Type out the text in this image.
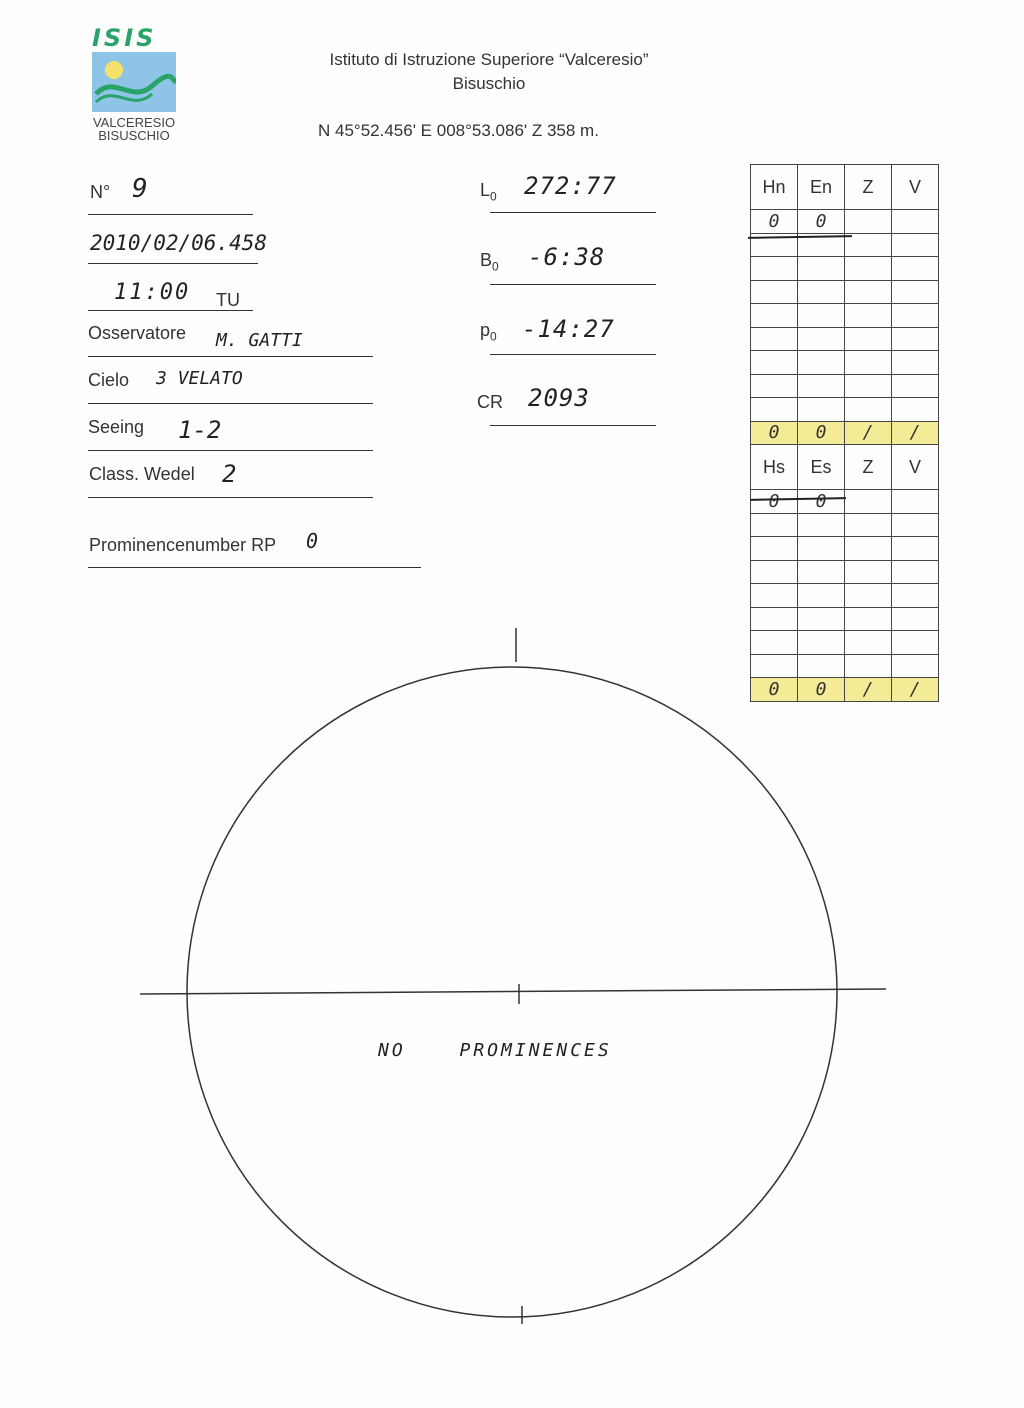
ISIS
VALCERESIO
BISUSCHIO
Istituto di Istruzione Superiore “Valceresio”
Bisuschio
N 45°52.456' E 008°53.086' Z 358 m.
N° 9
2010/02/06.458
11:00 TU
Osservatore M. GATTI
Cielo 3 VELATO
Seeing 1-2
Class. Wedel 2
Prominencenumber RP 0
$L_0$ 272:77
$B_0$ -6:38
$p_0$ -14:27
CR 2093
Hn	En	Z	V
0	0		

0	0	/	/
Hs	Es	Z	V
0	0		

0	0	/	/
NO PROMINENCES
